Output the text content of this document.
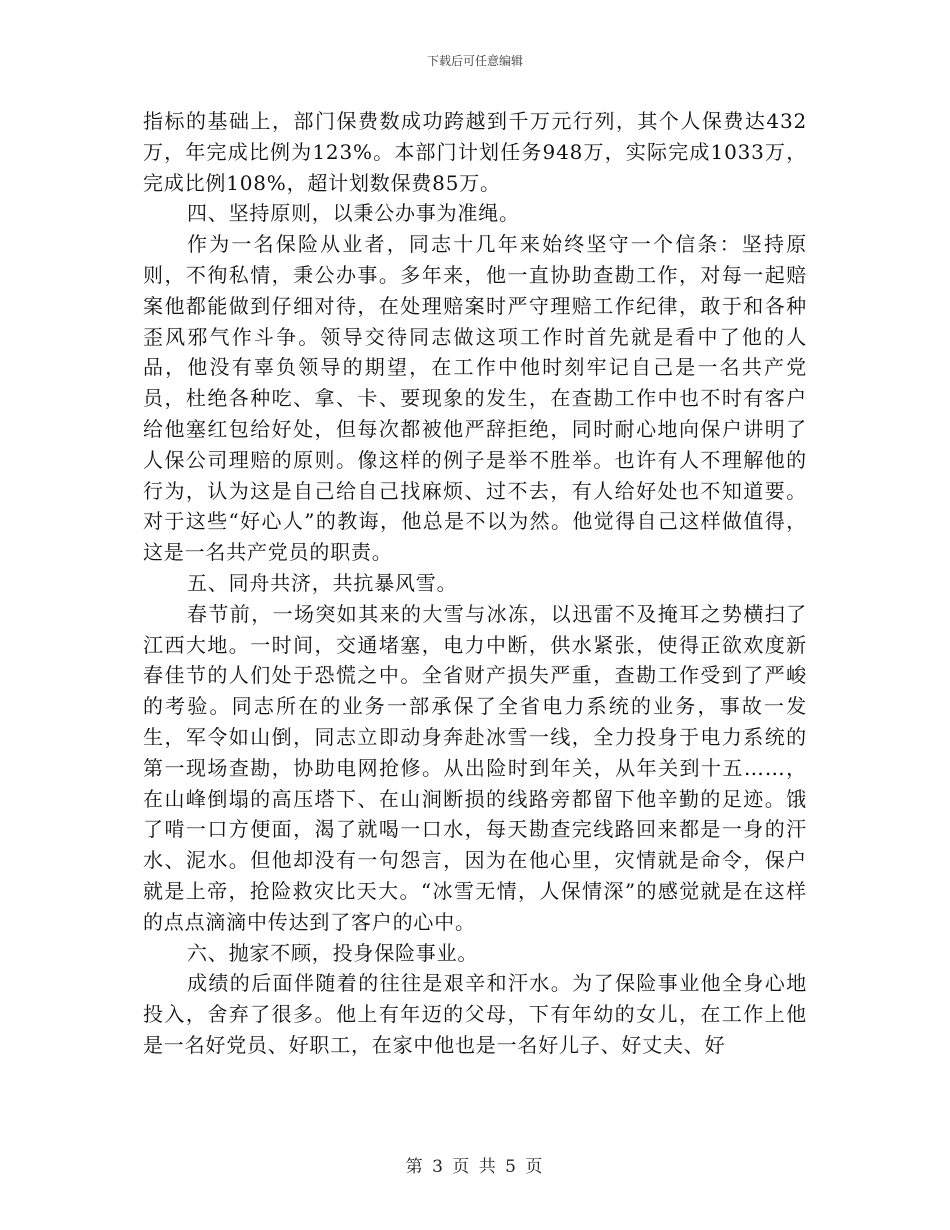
下载后可任意编辑

指标的基础上，部门保费数成功跨越到千万元行列，其个人保费达432万，年完成比例为123%。本部门计划任务948万，实际完成1033万，完成比例108%，超计划数保费85万。

四、坚持原则，以秉公办事为准绳。

作为一名保险从业者，同志十几年来始终坚守一个信条：坚持原则，不徇私情，秉公办事。多年来，他一直协助查勘工作，对每一起赔案他都能做到仔细对待，在处理赔案时严守理赔工作纪律，敢于和各种歪风邪气作斗争。领导交待同志做这项工作时首先就是看中了他的人品，他没有辜负领导的期望，在工作中他时刻牢记自己是一名共产党员，杜绝各种吃、拿、卡、要现象的发生，在查勘工作中也不时有客户给他塞红包给好处，但每次都被他严辞拒绝，同时耐心地向保户讲明了人保公司理赔的原则。像这样的例子是举不胜举。也许有人不理解他的行为，认为这是自己给自己找麻烦、过不去，有人给好处也不知道要。对于这些“好心人”的教诲，他总是不以为然。他觉得自己这样做值得，这是一名共产党员的职责。

五、同舟共济，共抗暴风雪。

春节前，一场突如其来的大雪与冰冻，以迅雷不及掩耳之势横扫了江西大地。一时间，交通堵塞，电力中断，供水紧张，使得正欲欢度新春佳节的人们处于恐慌之中。全省财产损失严重，查勘工作受到了严峻的考验。同志所在的业务一部承保了全省电力系统的业务，事故一发生，军令如山倒，同志立即动身奔赴冰雪一线，全力投身于电力系统的第一现场查勘，协助电网抢修。从出险时到年关，从年关到十五……，在山峰倒塌的高压塔下、在山涧断损的线路旁都留下他辛勤的足迹。饿了啃一口方便面，渴了就喝一口水，每天勘查完线路回来都是一身的汗水、泥水。但他却没有一句怨言，因为在他心里，灾情就是命令，保户就是上帝，抢险救灾比天大。“冰雪无情，人保情深”的感觉就是在这样的点点滴滴中传达到了客户的心中。

六、抛家不顾，投身保险事业。

成绩的后面伴随着的往往是艰辛和汗水。为了保险事业他全身心地投入，舍弃了很多。他上有年迈的父母，下有年幼的女儿，在工作上他是一名好党员、好职工，在家中他也是一名好儿子、好丈夫、好

第 3 页 共 5 页
